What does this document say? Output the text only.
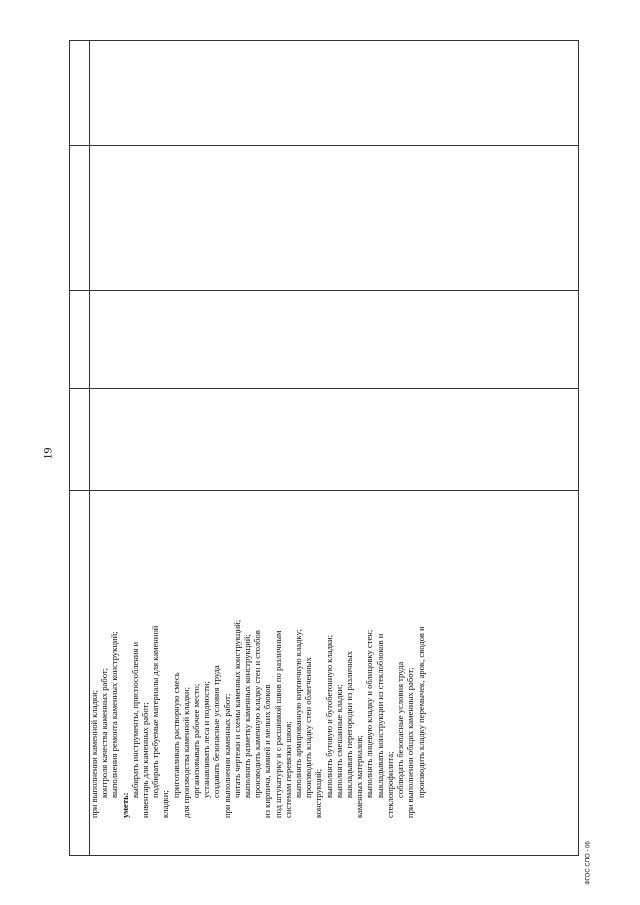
19
при выполнении каменной кладки; контроля качества каменных работ; выполнения ремонта каменных конструкций;
уметь:
выбирать инструменты, приспособления и инвентарь для каменных работ; подбирать требуемые материалы для каменной
кладки;
приготавливать растворную смесь для производства каменной кладки; организовывать рабочее место; устанавливать леса и подмости; создавать безопасные условия труда при выполнении каменных работ; читать чертежи и схемы каменных конструкций; выполнять разметку каменных конструкций; производить каменную кладку стен и столбов из кирпича, камней и мелких блоков под штукатурку и с расшивкой швов по различным системам перевязки швов; выполнять армированную кирпичную кладку; производить кладку стен облегченных конструкций; выполнять бутовую и бутобетонную кладки; выполнять смешанные кладки; выкладывать перегородки из различных каменных материалов; выполнять лицевую кладку и облицовку стен; выкладывать конструкции из стеклоблоков и стеклопрофилита; соблюдать безопасные условия труда при выполнении общих каменных работ; производить кладку перемычек, арок, сводов и
ФГОС СПО - 06
